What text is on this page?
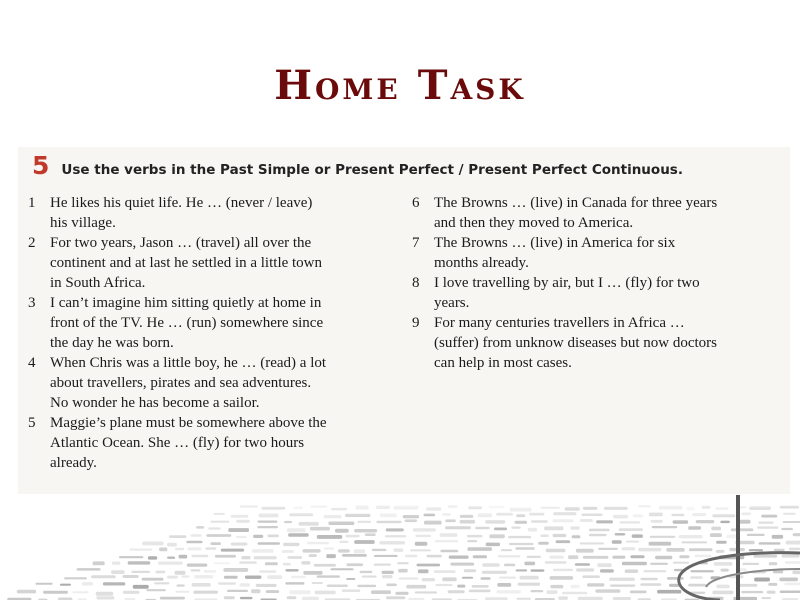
Home Task
5 Use the verbs in the Past Simple or Present Perfect / Present Perfect Continuous.
1 He likes his quiet life. He … (never / leave)
his village.
2 For two years, Jason … (travel) all over the
continent and at last he settled in a little town
in South Africa.
3 I can’t imagine him sitting quietly at home in
front of the TV. He … (run) somewhere since
the day he was born.
4 When Chris was a little boy, he … (read) a lot
about travellers, pirates and sea adventures.
No wonder he has become a sailor.
5 Maggie’s plane must be somewhere above the
Atlantic Ocean. She … (fly) for two hours
already.
6 The Browns … (live) in Canada for three years
and then they moved to America.
7 The Browns … (live) in America for six
months already.
8 I love travelling by air, but I … (fly) for two
years.
9 For many centuries travellers in Africa …
(suffer) from unknow diseases but now doctors
can help in most cases.
